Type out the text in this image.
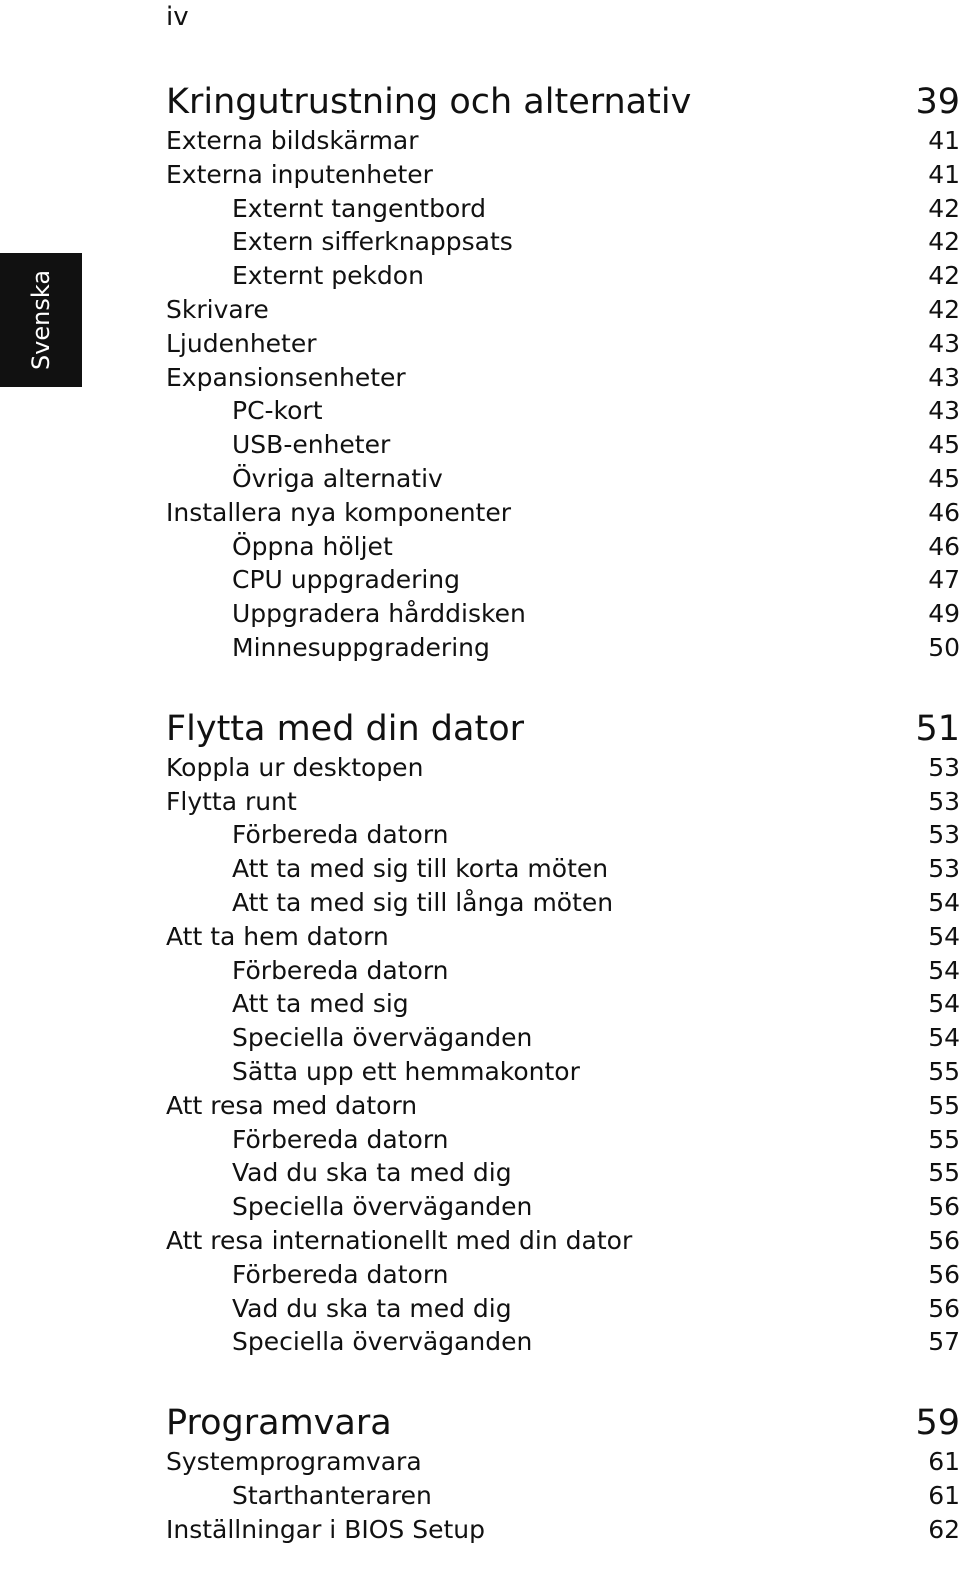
iv
Svenska
Kringutrustning och alternativ	39
Externa bildskärmar	41
Externa inputenheter	41
Externt tangentbord	42
Extern sifferknappsats	42
Externt pekdon	42
Skrivare	42
Ljudenheter	43
Expansionsenheter	43
PC-kort	43
USB-enheter	45
Övriga alternativ	45
Installera nya komponenter	46
Öppna höljet	46
CPU uppgradering	47
Uppgradera hårddisken	49
Minnesuppgradering	50
Flytta med din dator	51
Koppla ur desktopen	53
Flytta runt	53
Förbereda datorn	53
Att ta med sig till korta möten	53
Att ta med sig till långa möten	54
Att ta hem datorn	54
Förbereda datorn	54
Att ta med sig	54
Speciella överväganden	54
Sätta upp ett hemmakontor	55
Att resa med datorn	55
Förbereda datorn	55
Vad du ska ta med dig	55
Speciella överväganden	56
Att resa internationellt med din dator	56
Förbereda datorn	56
Vad du ska ta med dig	56
Speciella överväganden	57
Programvara	59
Systemprogramvara	61
Starthanteraren	61
Inställningar i BIOS Setup	62
